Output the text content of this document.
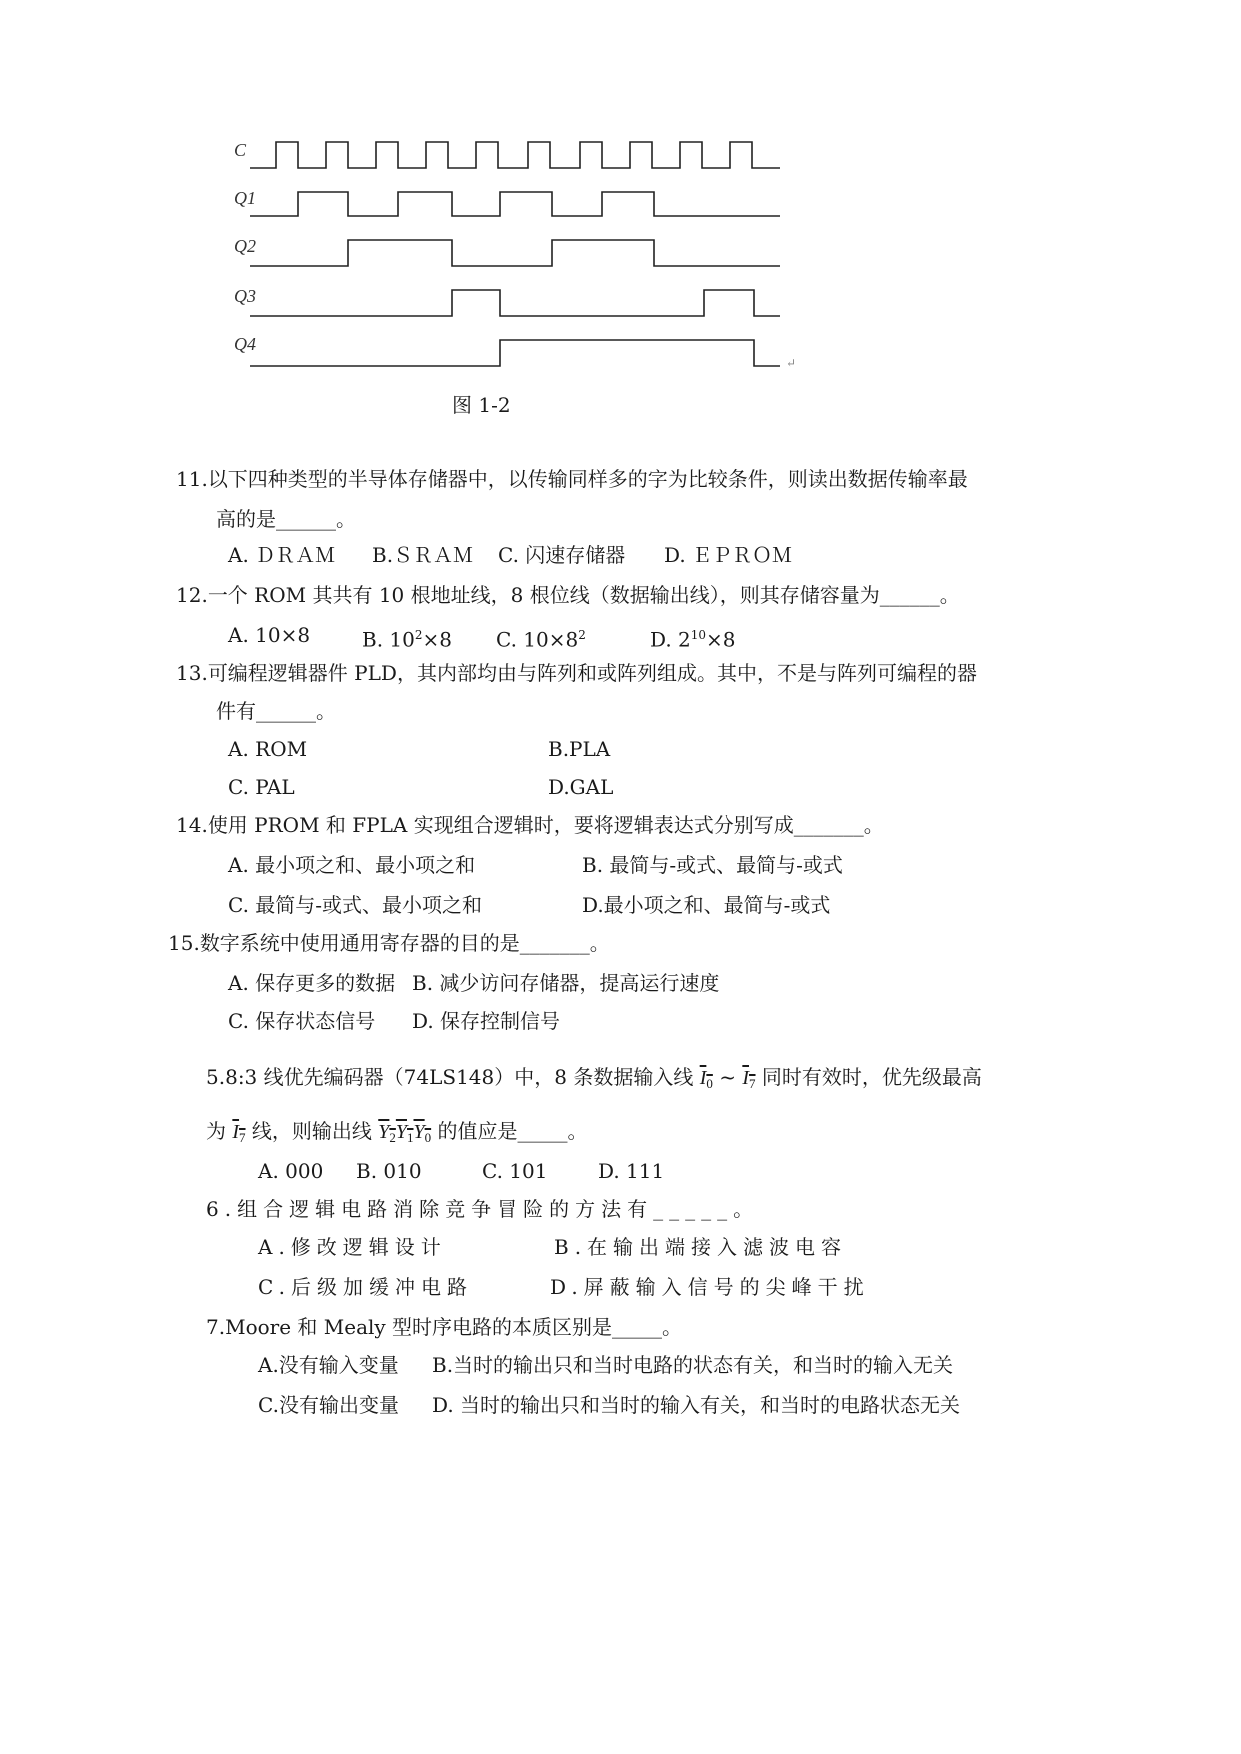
C
Q1
Q2
Q3
Q4
↵
图 1-2
11.以下四种类型的半导体存储器中，以传输同样多的字为比较条件，则读出数据传输率最
高的是______。
A. ＤＲＡＭ B.ＳＲＡＭ C. 闪速存储器 D. ＥＰＲＯＭ
12.一个 ROM 其共有 10 根地址线，8 根位线（数据输出线），则其存储容量为______。
A. 10×8	B. $10^2\times 8$ C. $10\times 8^2$	D. $2^{10}\times 8$
13.可编程逻辑器件 PLD，其内部均由与阵列和或阵列组成。其中，不是与阵列可编程的器
件有______。
A. ROM	B.PLA
C. PAL	D.GAL
14.使用 PROM 和 FPLA 实现组合逻辑时，要将逻辑表达式分别写成_______。
A. 最小项之和、最小项之和	B. 最简与-或式、最简与-或式
C. 最简与-或式、最小项之和	D.最小项之和、最简与-或式
15.数字系统中使用通用寄存器的目的是_______。
A. 保存更多的数据 B. 减少访问存储器，提高运行速度
C. 保存状态信号 D. 保存控制信号
5.8:3 线优先编码器（74LS148）中，8 条数据输入线 $I_0$ ~ $I_7$ 同时有效时，优先级最高
为 $I_7$ 线，则输出线 $Y_2Y_1Y_0$ 的值应是_____。
A. 000 B. 010	C. 101	D. 111
6.组合逻辑电路消除竞争冒险的方法有_____。
A.修改逻辑设计	B.在输出端接入滤波电容
C.后级加缓冲电路	D.屏蔽输入信号的尖峰干扰
7.Moore 和 Mealy 型时序电路的本质区别是_____。
A.没有输入变量 B.当时的输出只和当时电路的状态有关，和当时的输入无关
C.没有输出变量 D. 当时的输出只和当时的输入有关，和当时的电路状态无关
